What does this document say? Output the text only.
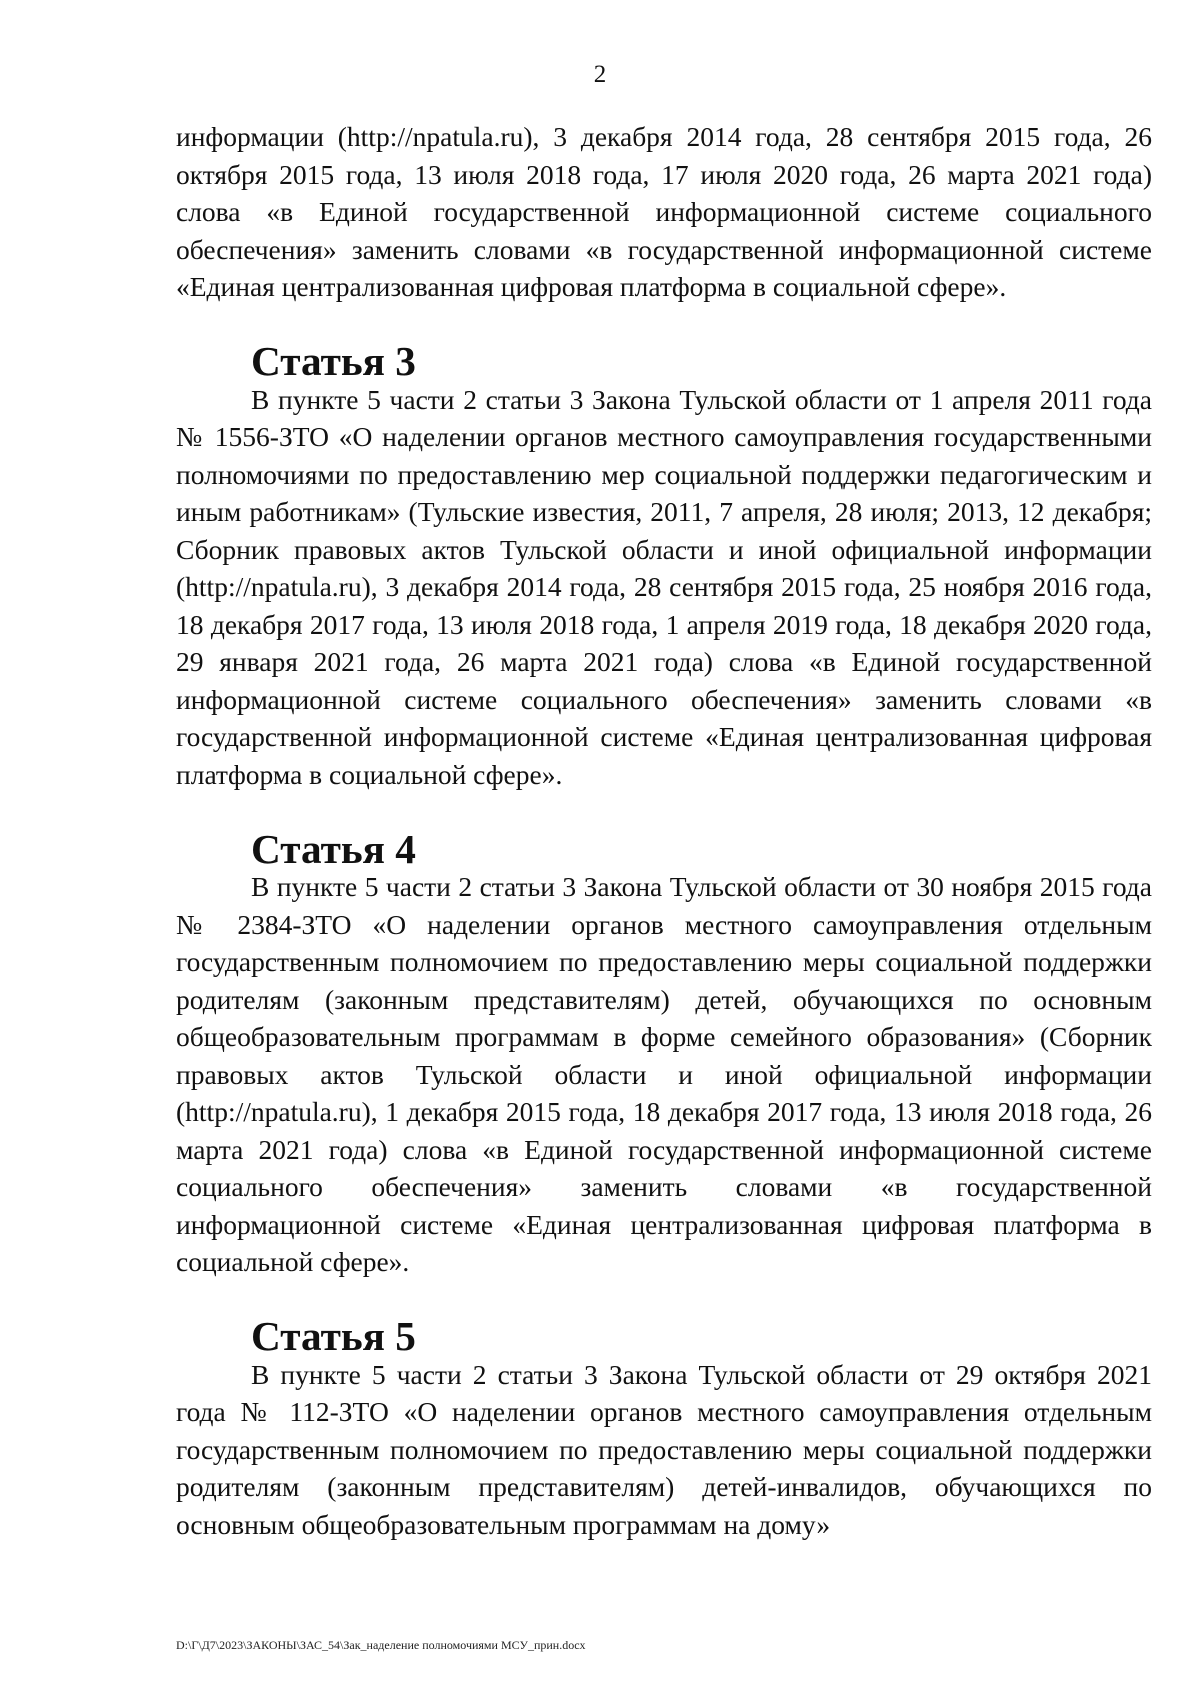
2

информации (http://npatula.ru), 3 декабря 2014 года, 28 сентября 2015 года, 26 октября 2015 года, 13 июля 2018 года, 17 июля 2020 года, 26 марта 2021 года) слова «в Единой государственной информационной системе социального обеспечения» заменить словами «в государственной информационной системе «Единая централизованная цифровая платформа в социальной сфере».

Статья 3

В пункте 5 части 2 статьи 3 Закона Тульской области от 1 апреля 2011 года № 1556-ЗТО «О наделении органов местного самоуправления государственными полномочиями по предоставлению мер социальной поддержки педагогическим и иным работникам» (Тульские известия, 2011, 7 апреля, 28 июля; 2013, 12 декабря; Сборник правовых актов Тульской области и иной официальной информации (http://npatula.ru), 3 декабря 2014 года, 28 сентября 2015 года, 25 ноября 2016 года, 18 декабря 2017 года, 13 июля 2018 года, 1 апреля 2019 года, 18 декабря 2020 года, 29 января 2021 года, 26 марта 2021 года) слова «в Единой государственной информационной системе социального обеспечения» заменить словами «в государственной информационной системе «Единая централизованная цифровая платформа в социальной сфере».

Статья 4

В пункте 5 части 2 статьи 3 Закона Тульской области от 30 ноября 2015 года № 2384-ЗТО «О наделении органов местного самоуправления отдельным государственным полномочием по предоставлению меры социальной поддержки родителям (законным представителям) детей, обучающихся по основным общеобразовательным программам в форме семейного образования» (Сборник правовых актов Тульской области и иной официальной информации (http://npatula.ru), 1 декабря 2015 года, 18 декабря 2017 года, 13 июля 2018 года, 26 марта 2021 года) слова «в Единой государственной информационной системе социального обеспечения» заменить словами «в государственной информационной системе «Единая централизованная цифровая платформа в социальной сфере».

Статья 5

В пункте 5 части 2 статьи 3 Закона Тульской области от 29 октября 2021 года № 112-ЗТО «О наделении органов местного самоуправления отдельным государственным полномочием по предоставлению меры социальной поддержки родителям (законным представителям) детей-инвалидов, обучающихся по основным общеобразовательным программам на дому»

D:\Г\Д7\2023\ЗАКОНЫ\ЗАС_54\Зак_наделение полномочиями МСУ_прин.docx
